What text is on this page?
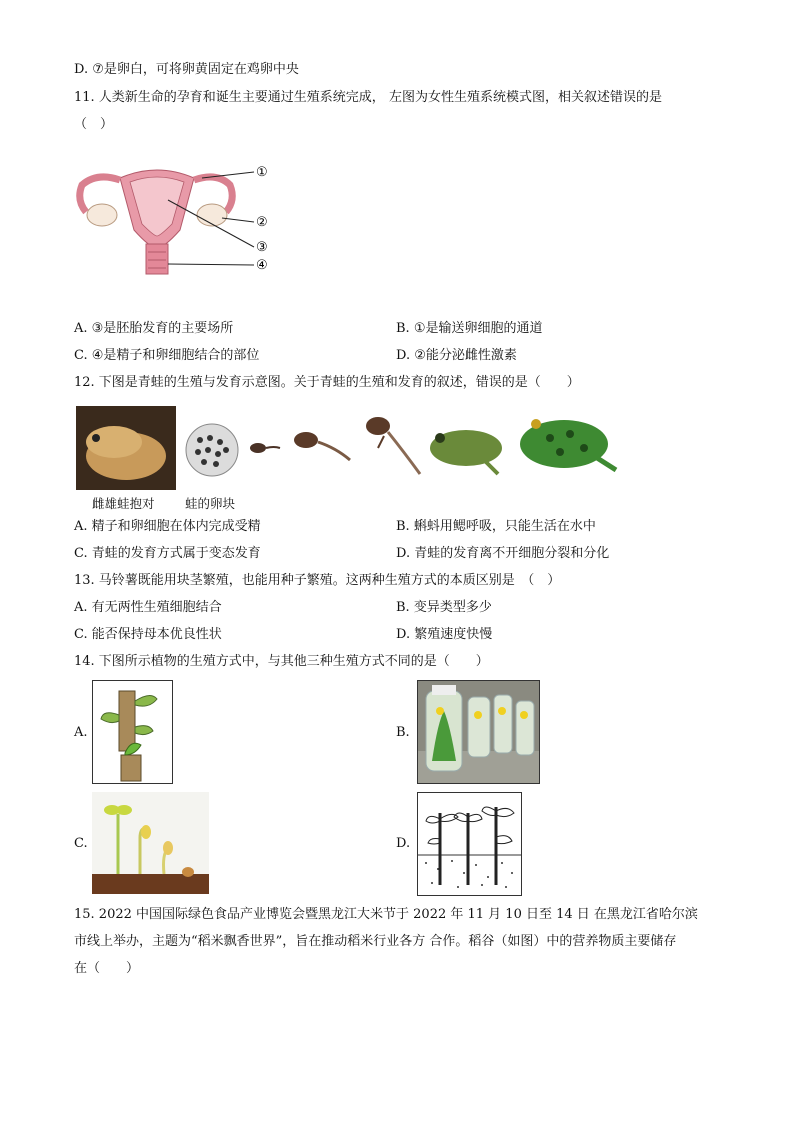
D. ⑦是卵白，可将卵黄固定在鸡卵中央
11. 人类新生命的孕育和诞生主要通过生殖系统完成， 左图为女性生殖系统模式图，相关叙述错误的是
（　）
①
②
③
④
A. ③是胚胎发育的主要场所	B. ①是输送卵细胞的通道
C. ④是精子和卵细胞结合的部位	D. ②能分泌雌性激素
12. 下图是青蛙的生殖与发育示意图。关于青蛙的生殖和发育的叙述，错误的是（　　）
雌雄蛙抱对 蛙的卵块
A. 精子和卵细胞在体内完成受精	B. 蝌蚪用鳃呼吸，只能生活在水中
C. 青蛙的发育方式属于变态发育	D. 青蛙的发育离不开细胞分裂和分化
13. 马铃薯既能用块茎繁殖，也能用种子繁殖。这两种生殖方式的本质区别是　（　）
A. 有无两性生殖细胞结合	B. 变异类型多少
C. 能否保持母本优良性状	D. 繁殖速度快慢
14. 下图所示植物的生殖方式中，与其他三种生殖方式不同的是（　　）
A.	B.
C.	D.
15. 2022 中国国际绿色食品产业博览会暨黑龙江大米节于 2022 年 11 月 10 日至 14 日 在黑龙江省哈尔滨
市线上举办，主题为“稻米飘香世界”，旨在推动稻米行业各方 合作。稻谷（如图）中的营养物质主要储存
在（　　）
